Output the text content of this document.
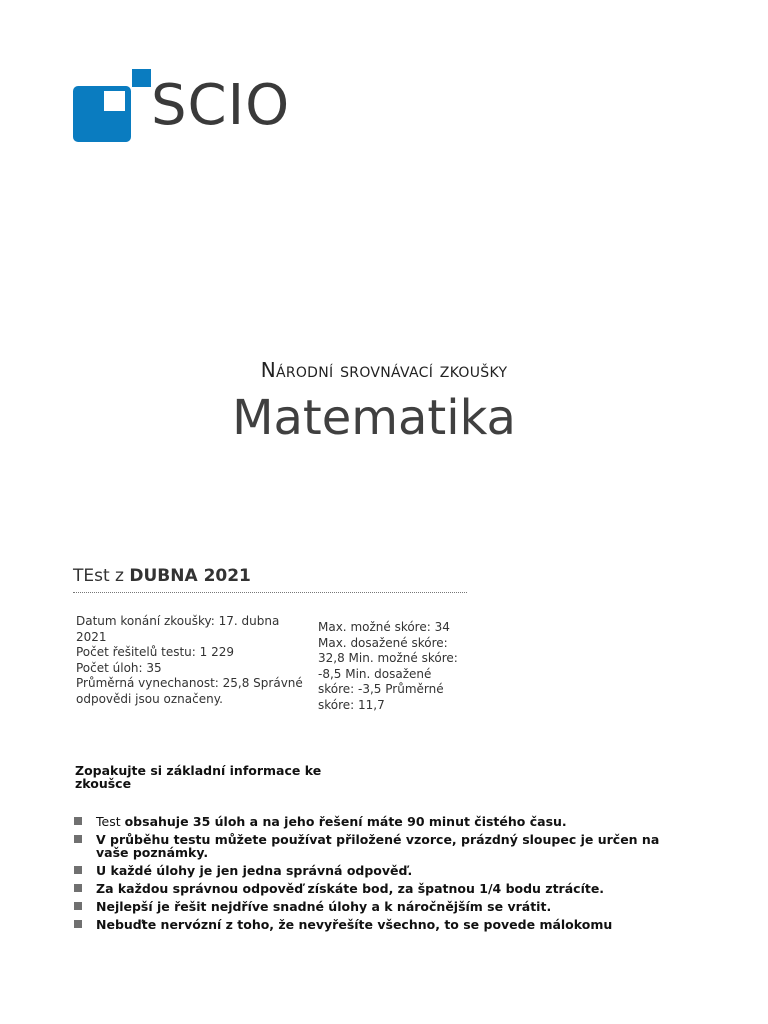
SCIO
Národní srovnávací zkoušky
Matematika
TEst z DUBNA 2021
Datum konání zkoušky: 17. dubna 2021
Počet řešitelů testu: 1 229
Počet úloh: 35
Průměrná vynechanost: 25,8 Správné
odpovědi jsou označeny.
Max. možné skóre: 34
Max. dosažené skóre:
32,8 Min. možné skóre:
-8,5 Min. dosažené
skóre: -3,5 Průměrné
skóre: 11,7
Zopakujte si základní informace ke zkoušce
Test obsahuje 35 úloh a na jeho řešení máte 90 minut čistého času.
V průběhu testu můžete používat přiložené vzorce, prázdný sloupec je určen na vaše poznámky.
U každé úlohy je jen jedna správná odpověď.
Za každou správnou odpověď získáte bod, za špatnou 1/4 bodu ztrácíte.
Nejlepší je řešit nejdříve snadné úlohy a k náročnějším se vrátit.
Nebuďte nervózní z toho, že nevyřešíte všechno, to se povede málokomu
